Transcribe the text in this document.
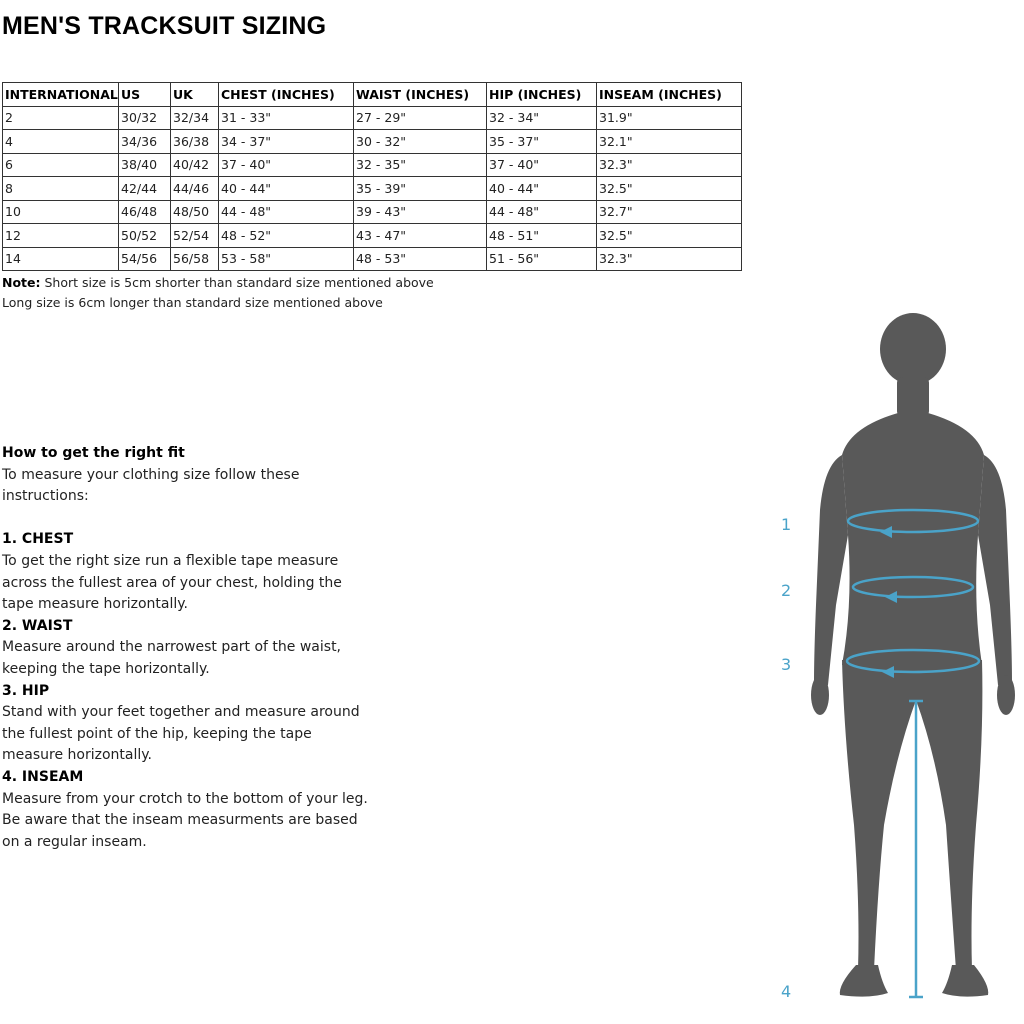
MEN'S TRACKSUIT SIZING
INTERNATIONAL	US	UK	CHEST (INCHES)	WAIST (INCHES)	HIP (INCHES)	INSEAM (INCHES)
2	30/32	32/34	31 - 33"	27 - 29"	32 - 34"	31.9"
4	34/36	36/38	34 - 37"	30 - 32"	35 - 37"	32.1"
6	38/40	40/42	37 - 40"	32 - 35"	37 - 40"	32.3"
8	42/44	44/46	40 - 44"	35 - 39"	40 - 44"	32.5"
10	46/48	48/50	44 - 48"	39 - 43"	44 - 48"	32.7"
12	50/52	52/54	48 - 52"	43 - 47"	48 - 51"	32.5"
14	54/56	56/58	53 - 58"	48 - 53"	51 - 56"	32.3"
Note: Short size is 5cm shorter than standard size mentioned above
Long size is 6cm longer than standard size mentioned above
How to get the right fit
To measure your clothing size follow these
instructions:
1. CHEST
To get the right size run a flexible tape measure
across the fullest area of your chest, holding the
tape measure horizontally.
2. WAIST
Measure around the narrowest part of the waist,
keeping the tape horizontally.
3. HIP
Stand with your feet together and measure around
the fullest point of the hip, keeping the tape
measure horizontally.
4. INSEAM
Measure from your crotch to the bottom of your leg.
Be aware that the inseam measurments are based
on a regular inseam.
1
2
3
4
